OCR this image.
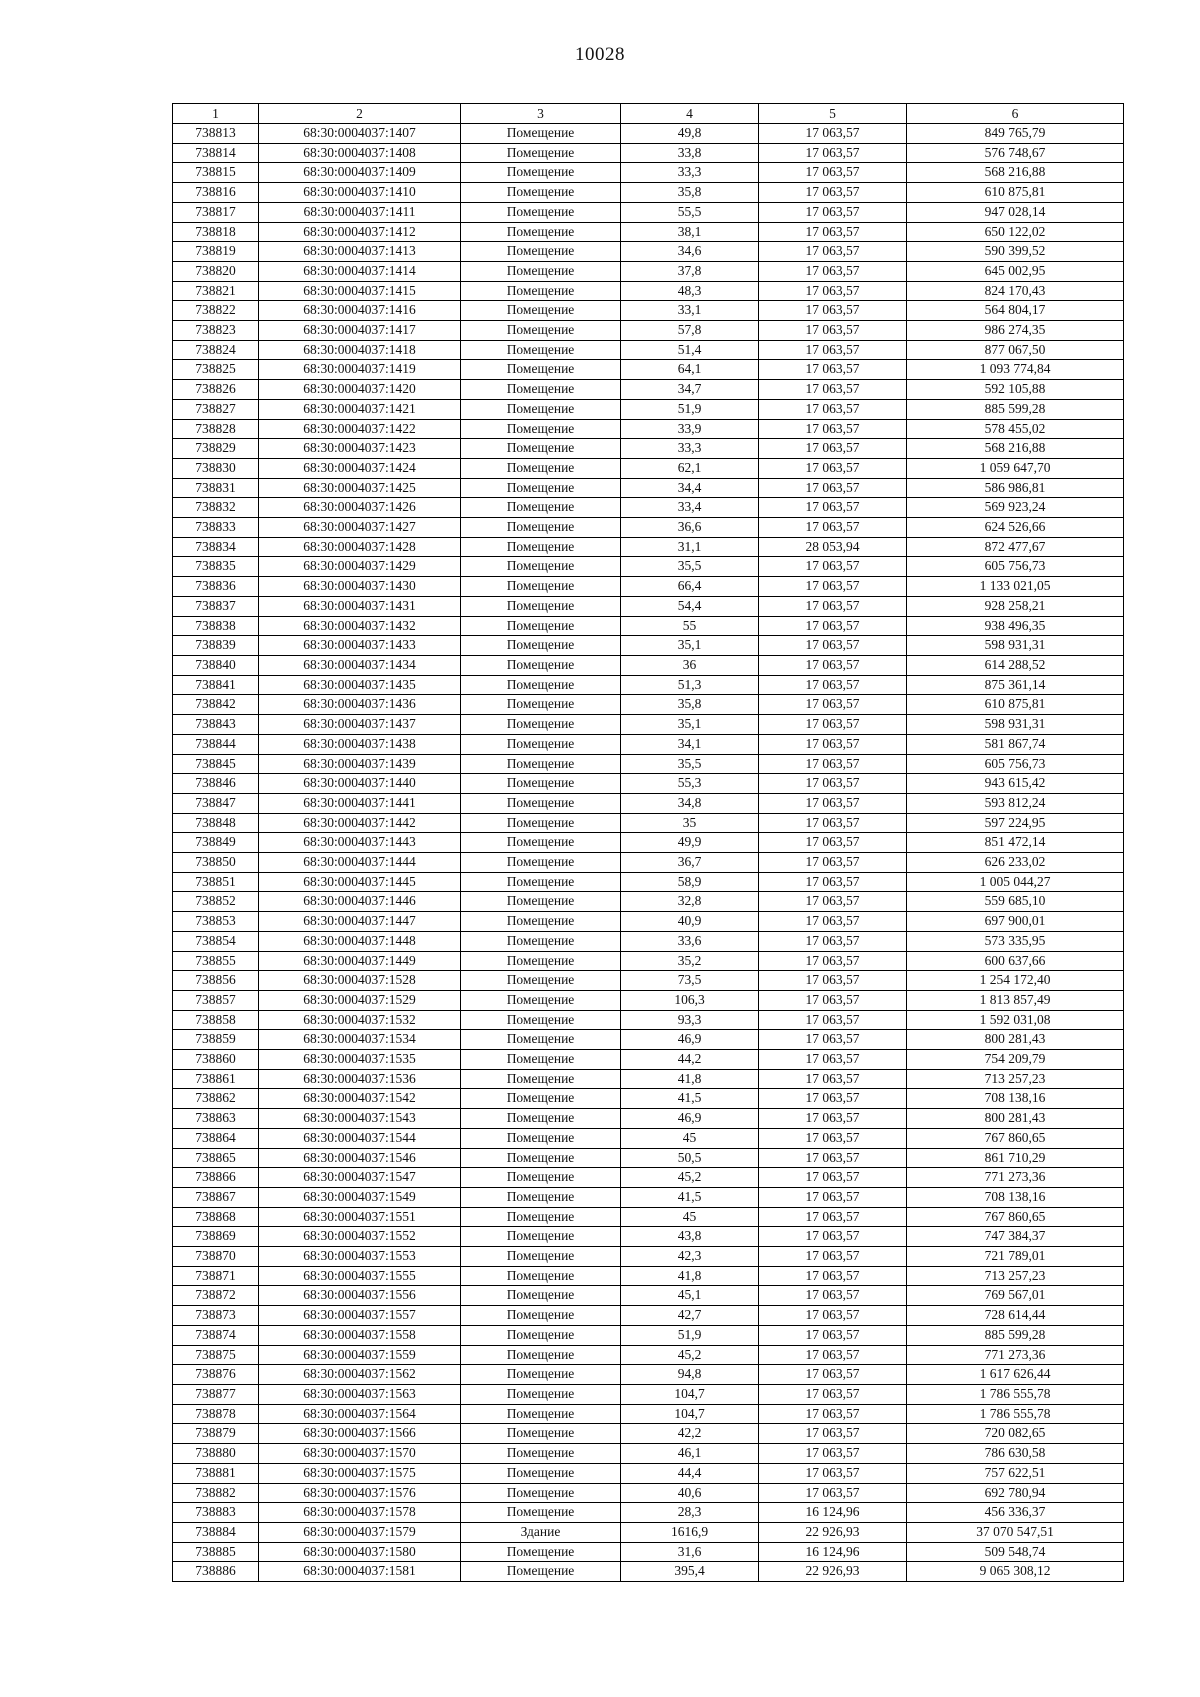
10028
1	2	3	4	5	6
738813	68:30:0004037:1407	Помещение	49,8	17 063,57	849 765,79
738814	68:30:0004037:1408	Помещение	33,8	17 063,57	576 748,67
738815	68:30:0004037:1409	Помещение	33,3	17 063,57	568 216,88
738816	68:30:0004037:1410	Помещение	35,8	17 063,57	610 875,81
738817	68:30:0004037:1411	Помещение	55,5	17 063,57	947 028,14
738818	68:30:0004037:1412	Помещение	38,1	17 063,57	650 122,02
738819	68:30:0004037:1413	Помещение	34,6	17 063,57	590 399,52
738820	68:30:0004037:1414	Помещение	37,8	17 063,57	645 002,95
738821	68:30:0004037:1415	Помещение	48,3	17 063,57	824 170,43
738822	68:30:0004037:1416	Помещение	33,1	17 063,57	564 804,17
738823	68:30:0004037:1417	Помещение	57,8	17 063,57	986 274,35
738824	68:30:0004037:1418	Помещение	51,4	17 063,57	877 067,50
738825	68:30:0004037:1419	Помещение	64,1	17 063,57	1 093 774,84
738826	68:30:0004037:1420	Помещение	34,7	17 063,57	592 105,88
738827	68:30:0004037:1421	Помещение	51,9	17 063,57	885 599,28
738828	68:30:0004037:1422	Помещение	33,9	17 063,57	578 455,02
738829	68:30:0004037:1423	Помещение	33,3	17 063,57	568 216,88
738830	68:30:0004037:1424	Помещение	62,1	17 063,57	1 059 647,70
738831	68:30:0004037:1425	Помещение	34,4	17 063,57	586 986,81
738832	68:30:0004037:1426	Помещение	33,4	17 063,57	569 923,24
738833	68:30:0004037:1427	Помещение	36,6	17 063,57	624 526,66
738834	68:30:0004037:1428	Помещение	31,1	28 053,94	872 477,67
738835	68:30:0004037:1429	Помещение	35,5	17 063,57	605 756,73
738836	68:30:0004037:1430	Помещение	66,4	17 063,57	1 133 021,05
738837	68:30:0004037:1431	Помещение	54,4	17 063,57	928 258,21
738838	68:30:0004037:1432	Помещение	55	17 063,57	938 496,35
738839	68:30:0004037:1433	Помещение	35,1	17 063,57	598 931,31
738840	68:30:0004037:1434	Помещение	36	17 063,57	614 288,52
738841	68:30:0004037:1435	Помещение	51,3	17 063,57	875 361,14
738842	68:30:0004037:1436	Помещение	35,8	17 063,57	610 875,81
738843	68:30:0004037:1437	Помещение	35,1	17 063,57	598 931,31
738844	68:30:0004037:1438	Помещение	34,1	17 063,57	581 867,74
738845	68:30:0004037:1439	Помещение	35,5	17 063,57	605 756,73
738846	68:30:0004037:1440	Помещение	55,3	17 063,57	943 615,42
738847	68:30:0004037:1441	Помещение	34,8	17 063,57	593 812,24
738848	68:30:0004037:1442	Помещение	35	17 063,57	597 224,95
738849	68:30:0004037:1443	Помещение	49,9	17 063,57	851 472,14
738850	68:30:0004037:1444	Помещение	36,7	17 063,57	626 233,02
738851	68:30:0004037:1445	Помещение	58,9	17 063,57	1 005 044,27
738852	68:30:0004037:1446	Помещение	32,8	17 063,57	559 685,10
738853	68:30:0004037:1447	Помещение	40,9	17 063,57	697 900,01
738854	68:30:0004037:1448	Помещение	33,6	17 063,57	573 335,95
738855	68:30:0004037:1449	Помещение	35,2	17 063,57	600 637,66
738856	68:30:0004037:1528	Помещение	73,5	17 063,57	1 254 172,40
738857	68:30:0004037:1529	Помещение	106,3	17 063,57	1 813 857,49
738858	68:30:0004037:1532	Помещение	93,3	17 063,57	1 592 031,08
738859	68:30:0004037:1534	Помещение	46,9	17 063,57	800 281,43
738860	68:30:0004037:1535	Помещение	44,2	17 063,57	754 209,79
738861	68:30:0004037:1536	Помещение	41,8	17 063,57	713 257,23
738862	68:30:0004037:1542	Помещение	41,5	17 063,57	708 138,16
738863	68:30:0004037:1543	Помещение	46,9	17 063,57	800 281,43
738864	68:30:0004037:1544	Помещение	45	17 063,57	767 860,65
738865	68:30:0004037:1546	Помещение	50,5	17 063,57	861 710,29
738866	68:30:0004037:1547	Помещение	45,2	17 063,57	771 273,36
738867	68:30:0004037:1549	Помещение	41,5	17 063,57	708 138,16
738868	68:30:0004037:1551	Помещение	45	17 063,57	767 860,65
738869	68:30:0004037:1552	Помещение	43,8	17 063,57	747 384,37
738870	68:30:0004037:1553	Помещение	42,3	17 063,57	721 789,01
738871	68:30:0004037:1555	Помещение	41,8	17 063,57	713 257,23
738872	68:30:0004037:1556	Помещение	45,1	17 063,57	769 567,01
738873	68:30:0004037:1557	Помещение	42,7	17 063,57	728 614,44
738874	68:30:0004037:1558	Помещение	51,9	17 063,57	885 599,28
738875	68:30:0004037:1559	Помещение	45,2	17 063,57	771 273,36
738876	68:30:0004037:1562	Помещение	94,8	17 063,57	1 617 626,44
738877	68:30:0004037:1563	Помещение	104,7	17 063,57	1 786 555,78
738878	68:30:0004037:1564	Помещение	104,7	17 063,57	1 786 555,78
738879	68:30:0004037:1566	Помещение	42,2	17 063,57	720 082,65
738880	68:30:0004037:1570	Помещение	46,1	17 063,57	786 630,58
738881	68:30:0004037:1575	Помещение	44,4	17 063,57	757 622,51
738882	68:30:0004037:1576	Помещение	40,6	17 063,57	692 780,94
738883	68:30:0004037:1578	Помещение	28,3	16 124,96	456 336,37
738884	68:30:0004037:1579	Здание	1616,9	22 926,93	37 070 547,51
738885	68:30:0004037:1580	Помещение	31,6	16 124,96	509 548,74
738886	68:30:0004037:1581	Помещение	395,4	22 926,93	9 065 308,12
